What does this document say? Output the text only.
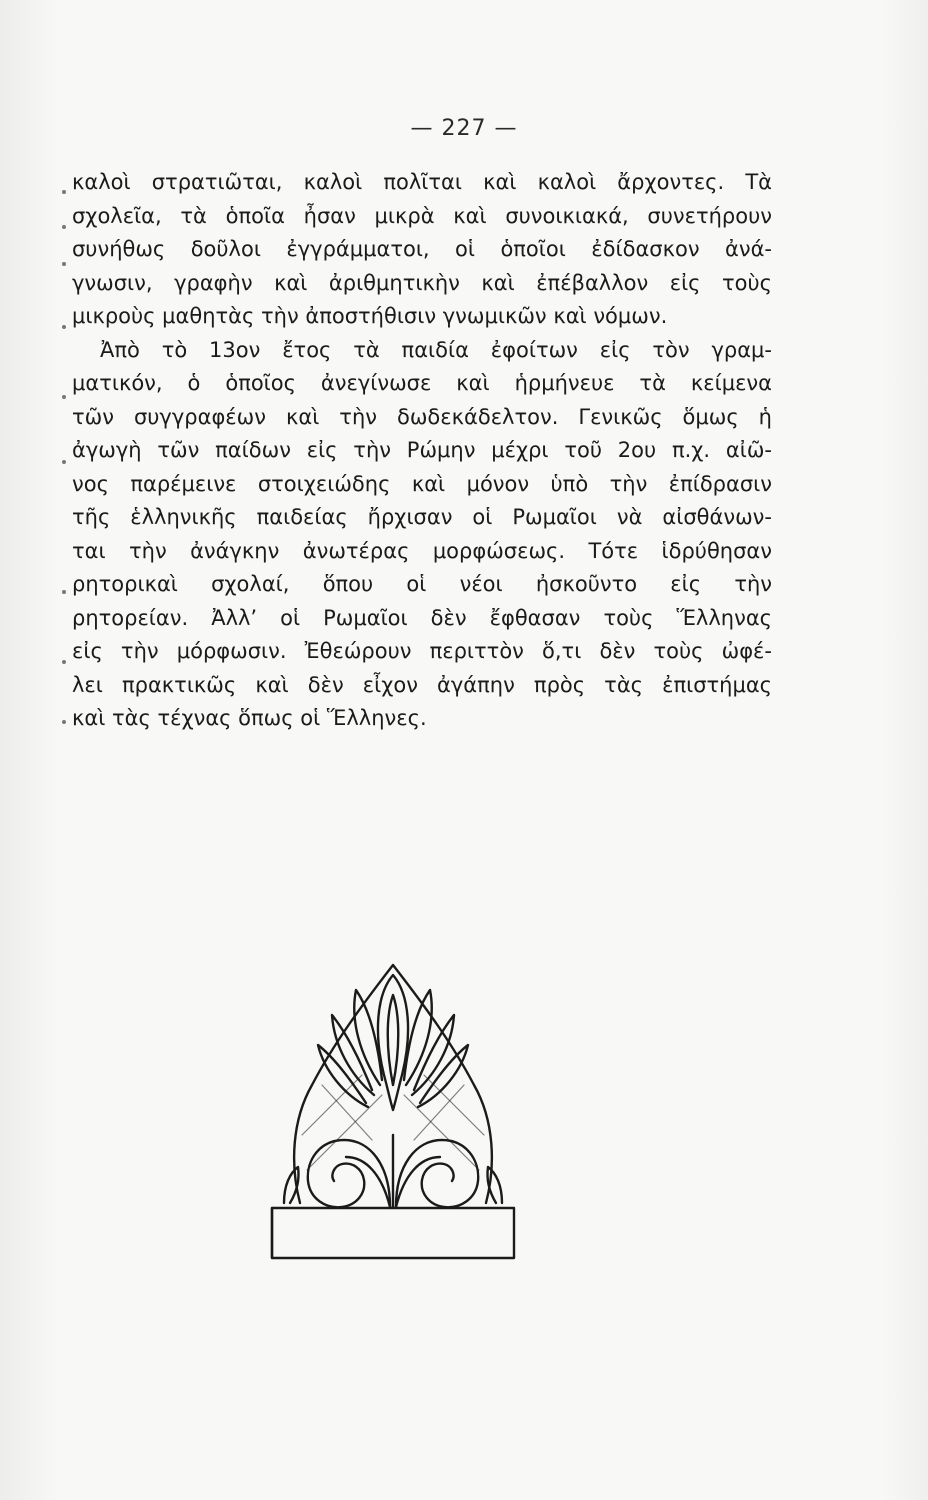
— 227 —
καλοὶ στρατιῶται, καλοὶ πολῖται καὶ καλοὶ ἄρχοντες. Τὰ
σχολεῖα, τὰ ὁποῖα ἦσαν μικρὰ καὶ συνοικιακά, συνετήρουν
συνήθως δοῦλοι ἐγγράμματοι, οἱ ὁποῖοι ἐδίδασκον ἀνά-
γνωσιν, γραφὴν καὶ ἀριθμητικὴν καὶ ἐπέβαλλον εἰς τοὺς
μικροὺς μαθητὰς τὴν ἀποστήθισιν γνωμικῶν καὶ νόμων.
Ἀπὸ τὸ 13ον ἔτος τὰ παιδία ἐφοίτων εἰς τὸν γραμ-
ματικόν, ὁ ὁποῖος ἀνεγίνωσε καὶ ἡρμήνευε τὰ κείμενα
τῶν συγγραφέων καὶ τὴν δωδεκάδελτον. Γενικῶς ὅμως ἡ
ἀγωγὴ τῶν παίδων εἰς τὴν Ρώμην μέχρι τοῦ 2ου π.χ. αἰῶ-
νος παρέμεινε στοιχειώδης καὶ μόνον ὑπὸ τὴν ἐπίδρασιν
τῆς ἑλληνικῆς παιδείας ἤρχισαν οἱ Ρωμαῖοι νὰ αἰσθάνων-
ται τὴν ἀνάγκην ἀνωτέρας μορφώσεως. Τότε ἱδρύθησαν
ρητορικαὶ σχολαί, ὅπου οἱ νέοι ἠσκοῦντο εἰς τὴν
ρητορείαν. Ἀλλ’ οἱ Ρωμαῖοι δὲν ἔφθασαν τοὺς Ἕλληνας
εἰς τὴν μόρφωσιν. Ἐθεώρουν περιττὸν ὅ,τι δὲν τοὺς ὠφέ-
λει πρακτικῶς καὶ δὲν εἶχον ἀγάπην πρὸς τὰς ἐπιστήμας
καὶ τὰς τέχνας ὅπως οἱ Ἕλληνες.
